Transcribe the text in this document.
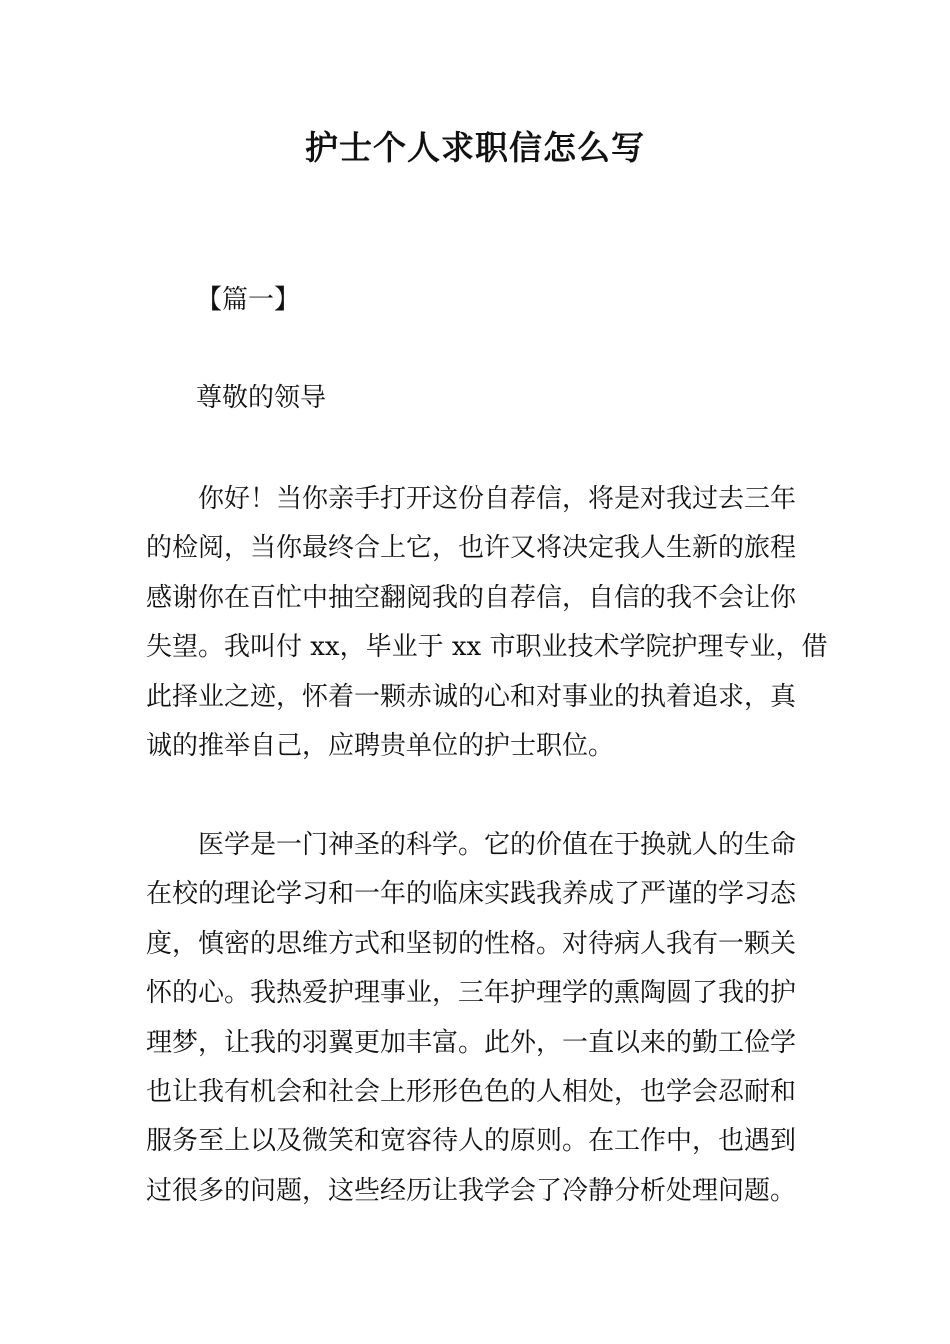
护士个人求职信怎么写

【篇一】

尊敬的领导

你好！当你亲手打开这份自荐信，将是对我过去三年
的检阅，当你最终合上它，也许又将决定我人生新的旅程
感谢你在百忙中抽空翻阅我的自荐信，自信的我不会让你
失望。我叫付 xx，毕业于 xx 市职业技术学院护理专业，借
此择业之迹，怀着一颗赤诚的心和对事业的执着追求，真
诚的推举自己，应聘贵单位的护士职位。
医学是一门神圣的科学。它的价值在于换就人的生命
在校的理论学习和一年的临床实践我养成了严谨的学习态
度，慎密的思维方式和坚韧的性格。对待病人我有一颗关
怀的心。我热爱护理事业，三年护理学的熏陶圆了我的护
理梦，让我的羽翼更加丰富。此外，一直以来的勤工俭学
也让我有机会和社会上形形色色的人相处，也学会忍耐和
服务至上以及微笑和宽容待人的原则。在工作中，也遇到
过很多的问题，这些经历让我学会了冷静分析处理问题。
